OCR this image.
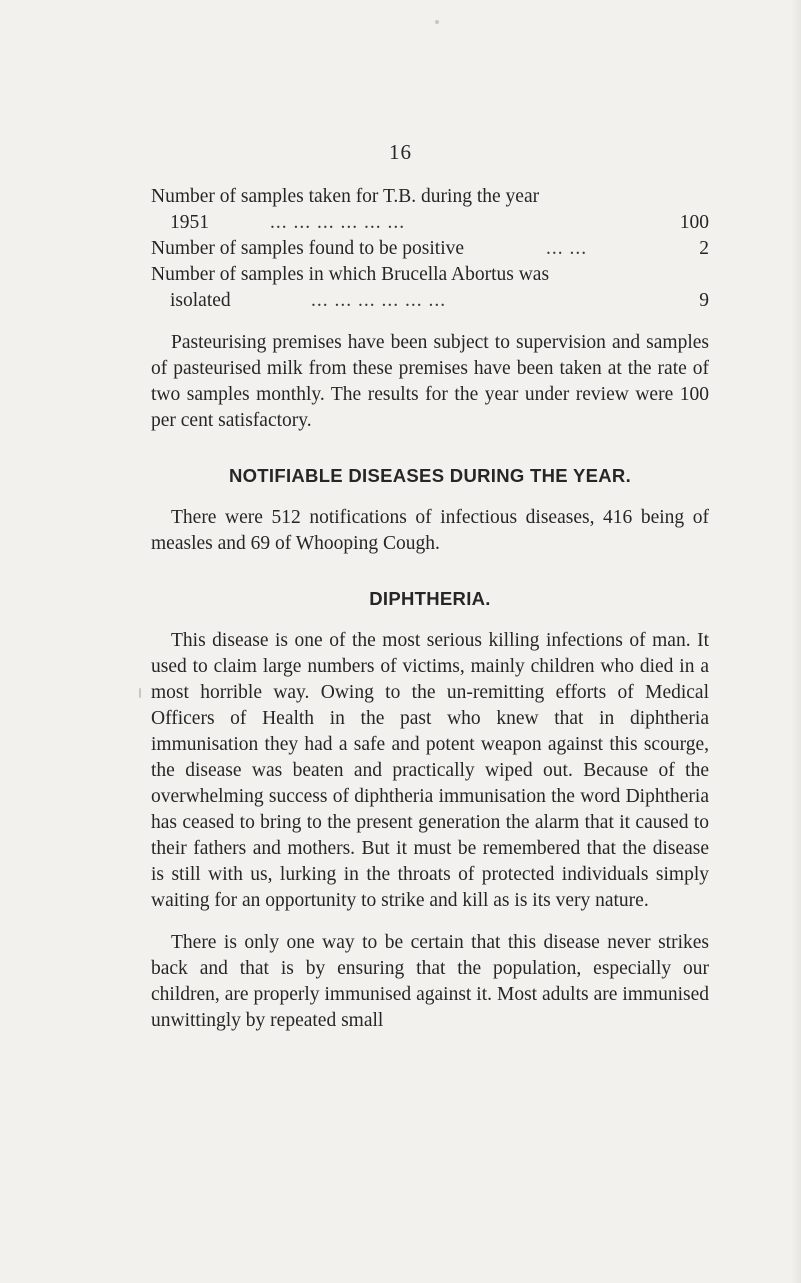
16
Number of samples taken for T.B. during the year
1951	... ... ... ... ... ...	100
Number of samples found to be positive	... ...	2
Number of samples in which Brucella Abortus was
isolated	... ... ... ... ... ...	9

Pasteurising premises have been subject to supervision and samples of pasteurised milk from these premises have been taken at the rate of two samples monthly. The results for the year under review were 100 per cent satisfactory.

NOTIFIABLE DISEASES DURING THE YEAR.

There were 512 notifications of infectious diseases, 416 being of measles and 69 of Whooping Cough.

DIPHTHERIA.

This disease is one of the most serious killing infections of man. It used to claim large numbers of victims, mainly children who died in a most horrible way. Owing to the un-remitting efforts of Medical Officers of Health in the past who knew that in diphtheria immunisation they had a safe and potent weapon against this scourge, the disease was beaten and practically wiped out. Because of the overwhelming success of diphtheria immunisation the word Diphtheria has ceased to bring to the present generation the alarm that it caused to their fathers and mothers. But it must be remembered that the disease is still with us, lurking in the throats of protected individuals simply waiting for an opportunity to strike and kill as is its very nature.

There is only one way to be certain that this disease never strikes back and that is by ensuring that the population, especially our children, are properly immunised against it. Most adults are immunised unwittingly by repeated small
